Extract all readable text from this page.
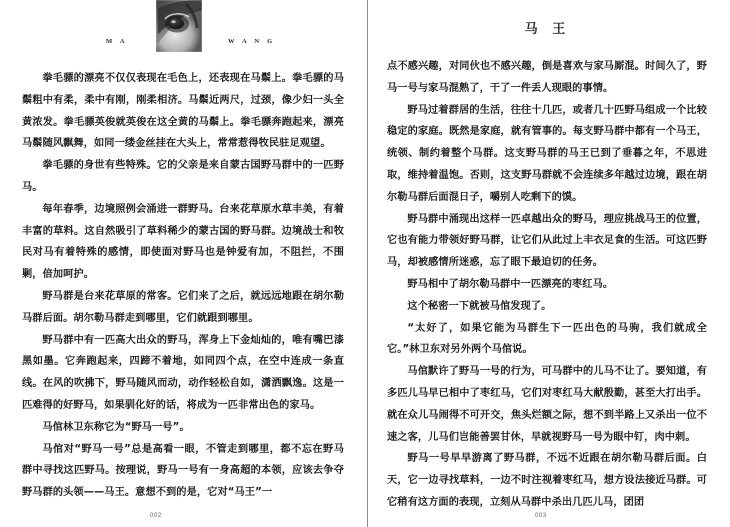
M A	W A N G

拳毛骠的漂亮不仅仅表现在毛色上，还表现在马鬃上。拳毛骠的马鬃粗中有柔，柔中有刚，刚柔相济。马鬃近两尺，过颈，像少妇一头全黄浓发。拳毛骠英俊就英俊在这全黄的马鬃上。拳毛骠奔跑起来，漂亮马鬃随风飘舞，如同一缕金丝挂在大头上，常常惹得牧民驻足观望。

拳毛骠的身世有些特殊。它的父亲是来自蒙古国野马群中的一匹野马。

每年春季，边境照例会涌进一群野马。台来花草原水草丰美，有着丰富的草料。这自然吸引了草料稀少的蒙古国的野马群。边境战士和牧民对马有着特殊的感情，即使面对野马也是钟爱有加，不阻拦，不围剿，倍加呵护。

野马群是台来花草原的常客。它们来了之后，就远远地跟在胡尔勒马群后面。胡尔勒马群走到哪里，它们就跟到哪里。

野马群中有一匹高大出众的野马，浑身上下金灿灿的，唯有嘴巴漆黑如墨。它奔跑起来，四蹄不着地，如同四个点，在空中连成一条直线。在风的吹拂下，野马随风而动，动作轻松自如，潇洒飘逸。这是一匹难得的好野马，如果驯化好的话，将成为一匹非常出色的家马。

马倌林卫东称它为“野马一号”。

马倌对“野马一号”总是高看一眼，不管走到哪里，都不忘在野马群中寻找这匹野马。按理说，野马一号有一身高超的本领，应该去争夺野马群的头领——马王。意想不到的是，它对“马王”一

002
马 王

点不感兴趣，对同伙也不感兴趣，倒是喜欢与家马厮混。时间久了，野马一号与家马混熟了，干了一件丢人现眼的事情。

野马过着群居的生活，往往十几匹，或者几十匹野马组成一个比较稳定的家庭。既然是家庭，就有管事的。每支野马群中都有一个马王，统领、制约着整个马群。这支野马群的马王已到了垂暮之年，不思进取，维持着温饱。否则，这支野马群就不会连续多年越过边境，跟在胡尔勒马群后面混日子，嚼别人吃剩下的馍。

野马群中涌现出这样一匹卓越出众的野马，理应挑战马王的位置，它也有能力带领好野马群，让它们从此过上丰衣足食的生活。可这匹野马，却被感情所迷惑，忘了眼下最迫切的任务。

野马相中了胡尔勒马群中一匹漂亮的枣红马。

这个秘密一下就被马倌发现了。

“太好了，如果它能为马群生下一匹出色的马驹，我们就成全它。”林卫东对另外两个马倌说。

马倌默许了野马一号的行为，可马群中的儿马不让了。要知道，有多匹儿马早已相中了枣红马，它们对枣红马大献殷勤，甚至大打出手。就在众儿马闹得不可开交，焦头烂额之际，想不到半路上又杀出一位不速之客，儿马们岂能善罢甘休，早就视野马一号为眼中钉，肉中刺。

野马一号早早游离了野马群，不远不近跟在胡尔勒马群后面。白天，它一边寻找草料，一边不时注视着枣红马，想方设法接近马群。可它稍有这方面的表现，立刻从马群中杀出几匹儿马，团团

003
